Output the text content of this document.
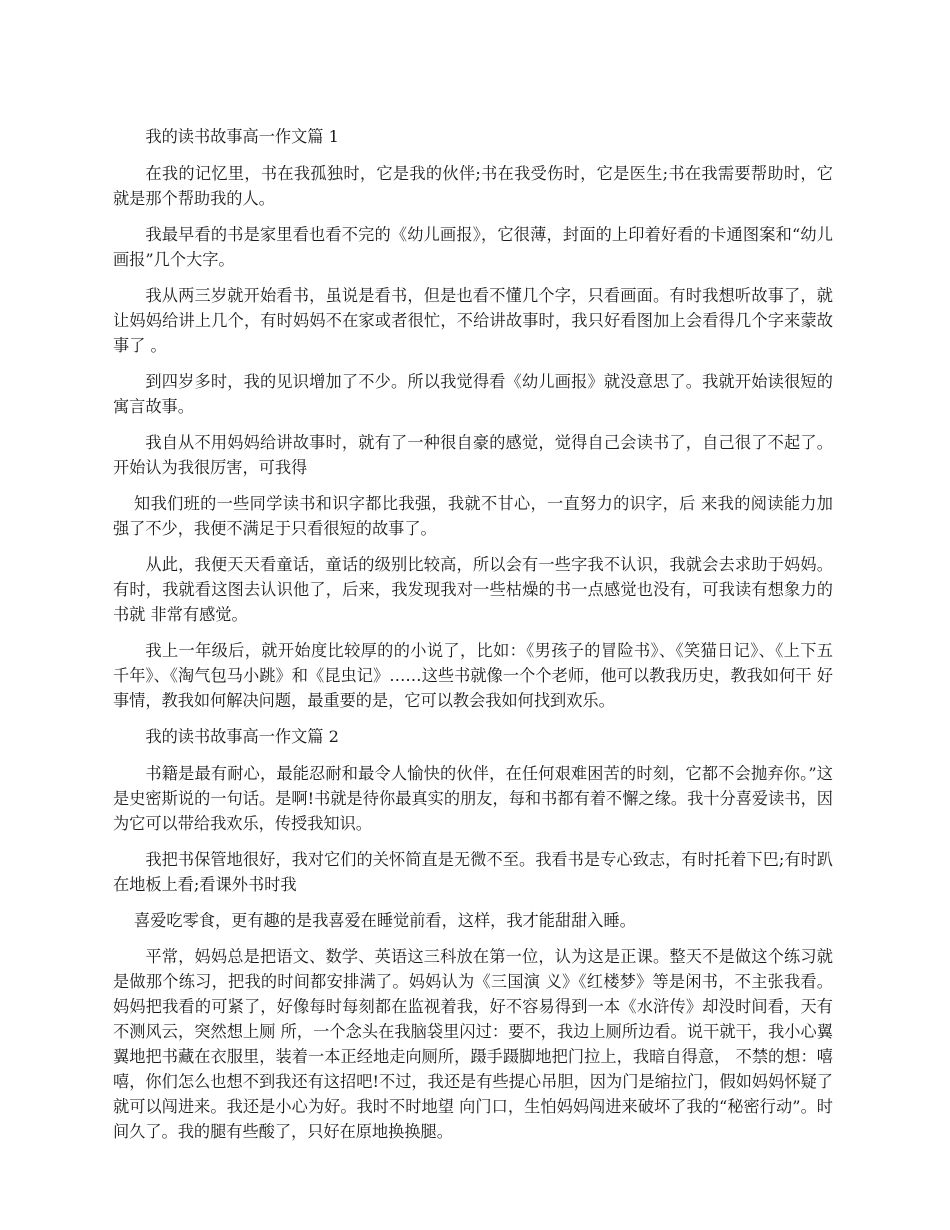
我的读书故事高一作文篇 1

在我的记忆里，书在我孤独时，它是我的伙伴;书在我受伤时，它是医生;书在我需要帮助时，它就是那个帮助我的人。

我最早看的书是家里看也看不完的《幼儿画报》，它很薄，封面的上印着好看的卡通图案和“幼儿画报”几个大字。

我从两三岁就开始看书，虽说是看书，但是也看不懂几个字，只看画面。有时我想听故事了，就让妈妈给讲上几个，有时妈妈不在家或者很忙，不给讲故事时，我只好看图加上会看得几个字来蒙故事了 。

到四岁多时，我的见识增加了不少。所以我觉得看《幼儿画报》就没意思了。我就开始读很短的寓言故事。

我自从不用妈妈给讲故事时，就有了一种很自豪的感觉，觉得自己会读书了，自己很了不起了。开始认为我很厉害，可我得

知我们班的一些同学读书和识字都比我强，我就不甘心，一直努力的识字，后 来我的阅读能力加强了不少，我便不满足于只看很短的故事了。

从此，我便天天看童话，童话的级别比较高，所以会有一些字我不认识，我就会去求助于妈妈。有时，我就看这图去认识他了，后来，我发现我对一些枯燥的书一点感觉也没有，可我读有想象力的书就 非常有感觉。

我上一年级后，就开始度比较厚的的小说了，比如：《男孩子的冒险书》、《笑猫日记》、《上下五千年》、《淘气包马小跳》和《昆虫记》……这些书就像一个个老师，他可以教我历史，教我如何干 好事情，教我如何解决问题，最重要的是，它可以教会我如何找到欢乐。

我的读书故事高一作文篇 2

书籍是最有耐心，最能忍耐和最令人愉快的伙伴，在任何艰难困苦的时刻，它都不会抛弃你。”这是史密斯说的一句话。是啊!书就是待你最真实的朋友，每和书都有着不懈之缘。我十分喜爱读书，因为它可以带给我欢乐，传授我知识。

我把书保管地很好，我对它们的关怀简直是无微不至。我看书是专心致志，有时托着下巴;有时趴在地板上看;看课外书时我

喜爱吃零食，更有趣的是我喜爱在睡觉前看，这样，我才能甜甜入睡。

平常，妈妈总是把语文、数学、英语这三科放在第一位，认为这是正课。整天不是做这个练习就是做那个练习，把我的时间都安排满了。妈妈认为《三国演 义》《红楼梦》等是闲书，不主张我看。妈妈把我看的可紧了，好像每时每刻都在监视着我，好不容易得到一本《水浒传》却没时间看，天有不测风云，突然想上厕 所，一个念头在我脑袋里闪过：要不，我边上厕所边看。说干就干，我小心翼翼地把书藏在衣服里，装着一本正经地走向厕所，蹑手蹑脚地把门拉上，我暗自得意， 不禁的想：嘻嘻，你们怎么也想不到我还有这招吧!不过，我还是有些提心吊胆，因为门是缩拉门，假如妈妈怀疑了就可以闯进来。我还是小心为好。我时不时地望 向门口，生怕妈妈闯进来破坏了我的“秘密行动”。时间久了。我的腿有些酸了，只好在原地换换腿。
